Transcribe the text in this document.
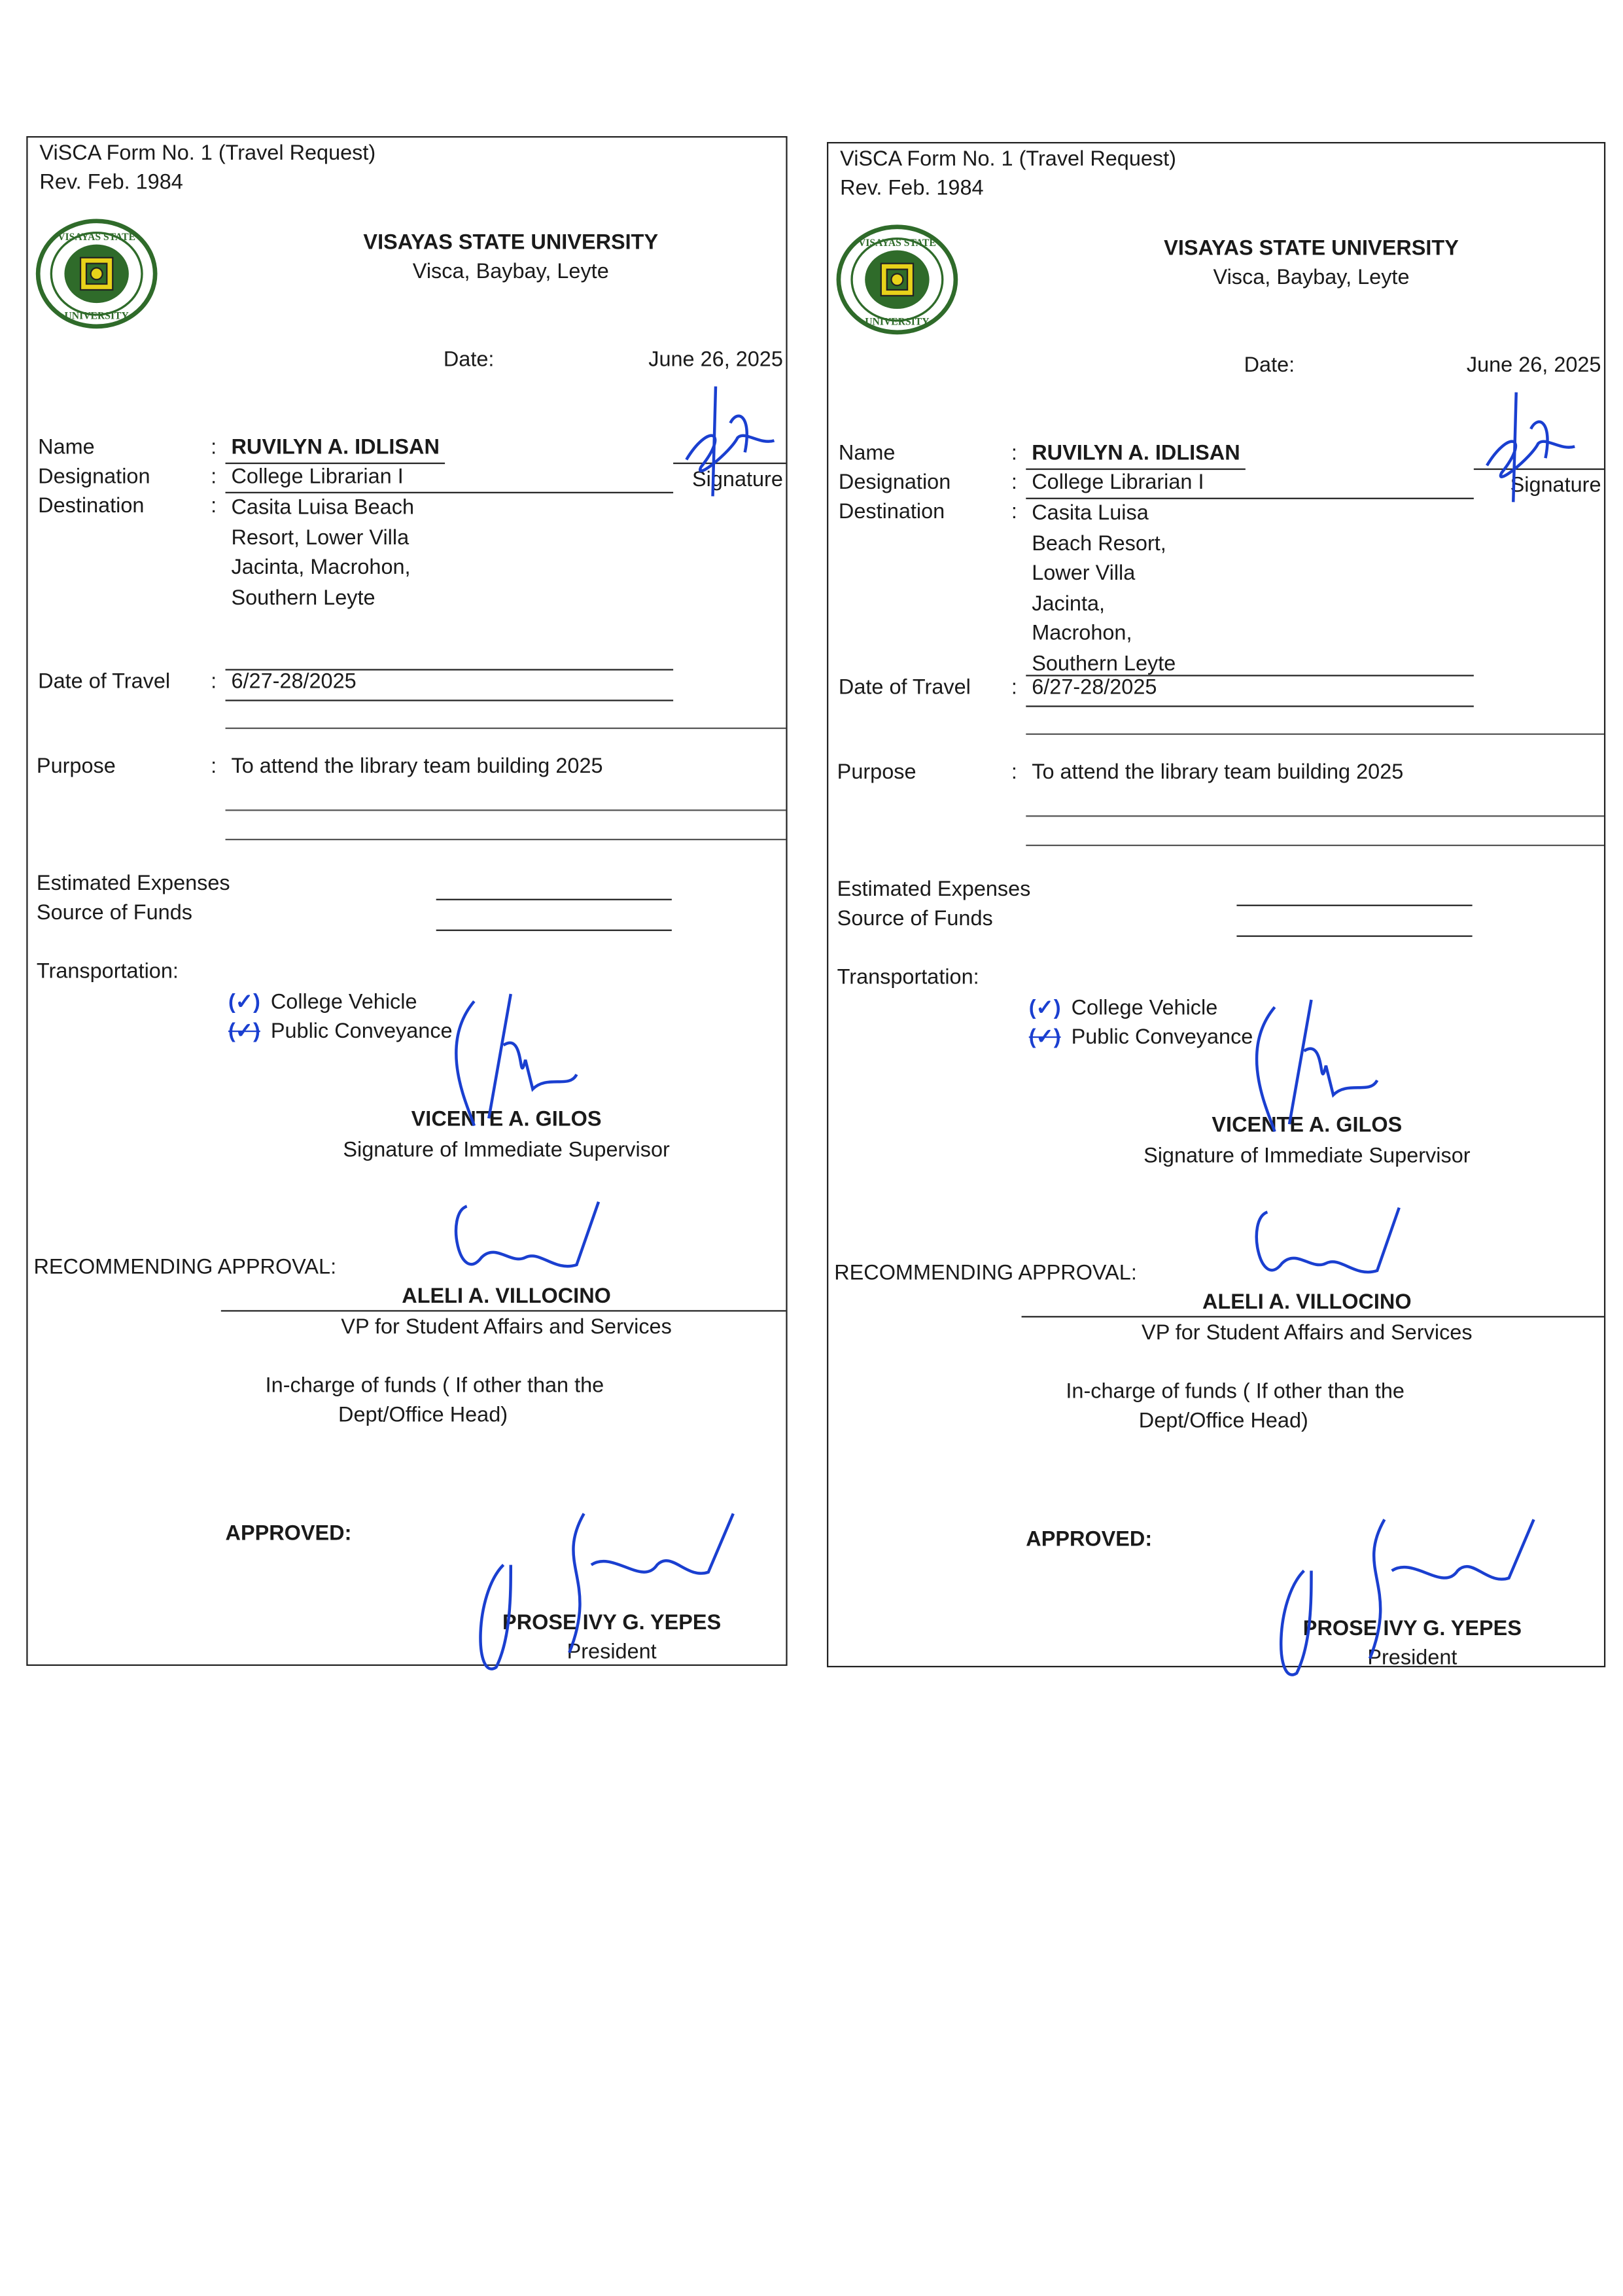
ViSCA Form No. 1 (Travel Request)
Rev. Feb. 1984
VISAYAS STATE
UNIVERSITY
VISAYAS STATE UNIVERSITY
Visca, Baybay, Leyte
Date:	June 26, 2025
Name	: RUVILYN A. IDLISAN
Designation	: College Librarian I	Signature
Destination	: Casita Luisa Beach
Resort, Lower Villa
Jacinta, Macrohon,
Southern Leyte
Date of Travel	: 6/27-28/2025
Purpose	: To attend the library team building 2025
Estimated Expenses
Source of Funds
Transportation:
(✓) College Vehicle
(✓) Public Conveyance
VICENTE A. GILOS
Signature of Immediate Supervisor
RECOMMENDING APPROVAL:
ALELI A. VILLOCINO
VP for Student Affairs and Services
In-charge of funds ( If other than the
Dept/Office Head)
APPROVED:
PROSE IVY G. YEPES
President
ViSCA Form No. 1 (Travel Request)
Rev. Feb. 1984
VISAYAS STATE
UNIVERSITY
VISAYAS STATE UNIVERSITY
Visca, Baybay, Leyte
Date:	June 26, 2025
Name	: RUVILYN A. IDLISAN
Designation	: College Librarian I	Signature
Destination	: Casita Luisa
Beach Resort,
Lower Villa
Jacinta,
Macrohon,
Southern Leyte
Date of Travel	: 6/27-28/2025
Purpose	: To attend the library team building 2025
Estimated Expenses
Source of Funds
Transportation:
(✓) College Vehicle
(✓) Public Conveyance
VICENTE A. GILOS
Signature of Immediate Supervisor
RECOMMENDING APPROVAL:
ALELI A. VILLOCINO
VP for Student Affairs and Services
In-charge of funds ( If other than the
Dept/Office Head)
APPROVED:
PROSE IVY G. YEPES
President
